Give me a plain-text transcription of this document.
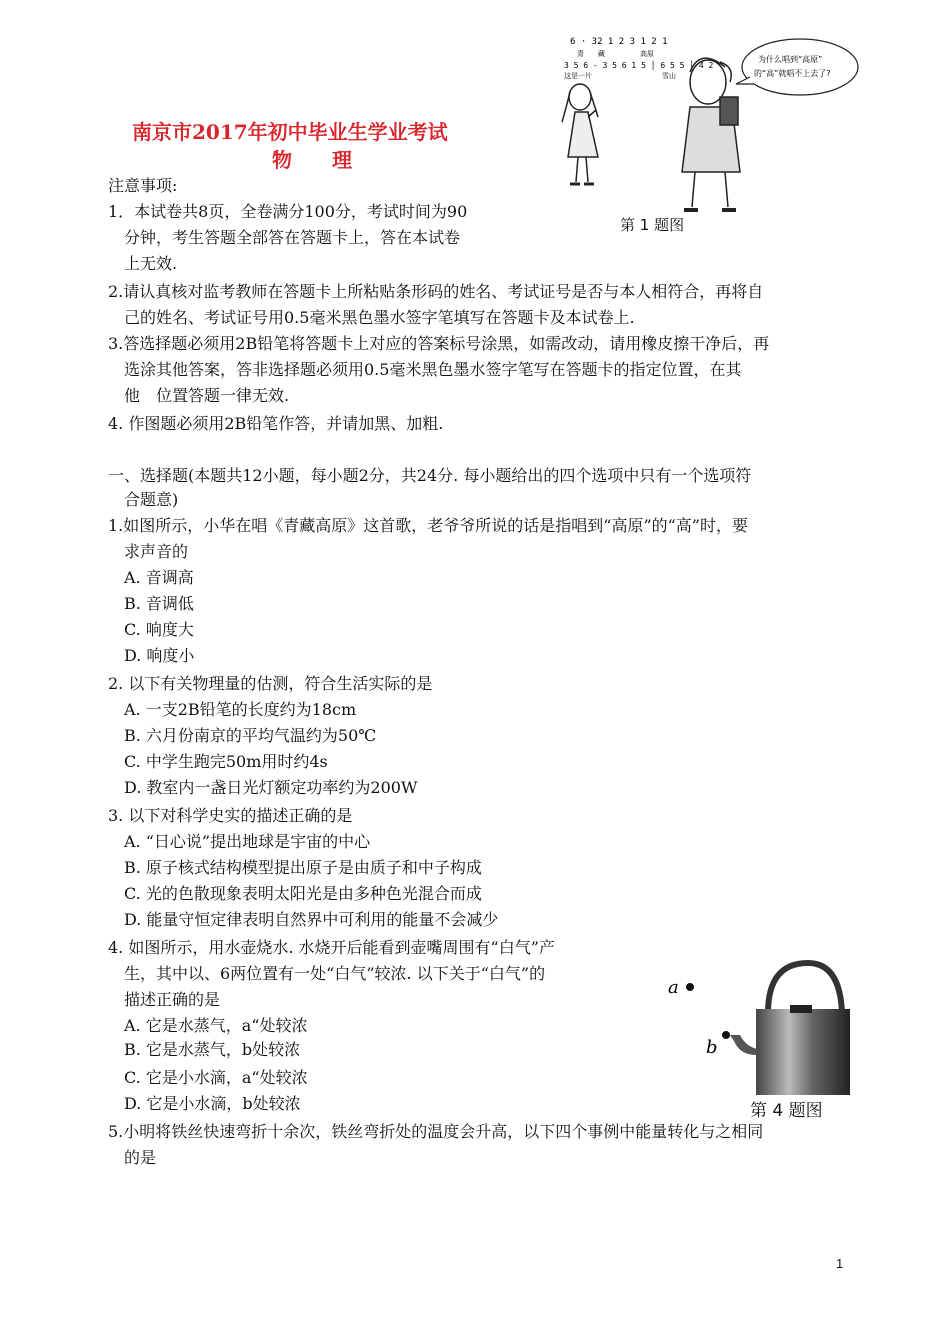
南京市2017年初中毕业生学业考试
物　　理
6 · 32 1 2 3 1 2 1
　青　　藏　　　　　高原
3 5 6 - 3 5 6 1 5 │ 6 5 5 │ 4 2
这是一片　　　　　　　　　　雪山
为什么唱到“高原”
的“高”就唱不上去了?
第 1 题图
注意事项:
1．本试卷共8页，全卷满分100分，考试时间为90
　分钟，考生答题全部答在答题卡上，答在本试卷
　上无效.
2.请认真核对监考教师在答题卡上所粘贴条形码的姓名、考试证号是否与本人相符合，再将自
　己的姓名、考试证号用0.5毫米黑色墨水签字笔填写在答题卡及本试卷上.
3.答选择题必须用2B铅笔将答题卡上对应的答案标号涂黑，如需改动，请用橡皮擦干净后，再
　选涂其他答案，答非选择题必须用0.5毫米黑色墨水签字笔写在答题卡的指定位置，在其
　他　位置答题一律无效.
4. 作图题必须用2B铅笔作答，并请加黑、加粗.
一、选择题(本题共12小题，每小题2分，共24分. 每小题给出的四个选项中只有一个选项符
　合题意)
1.如图所示，小华在唱《青藏高原》这首歌，老爷爷所说的话是指唱到“高原”的“高”时，要
　求声音的
　A. 音调高
　B. 音调低
　C. 响度大
　D. 响度小
2. 以下有关物理量的估测，符合生活实际的是
　A. 一支2B铅笔的长度约为18cm
　B. 六月份南京的平均气温约为50℃
　C. 中学生跑完50m用时约4s
　D. 教室内一盏日光灯额定功率约为200W
3. 以下对科学史实的描述正确的是
　A. “日心说”提出地球是宇宙的中心
　B. 原子核式结构模型提出原子是由质子和中子构成
　C. 光的色散现象表明太阳光是由多种色光混合而成
　D. 能量守恒定律表明自然界中可利用的能量不会减少
4. 如图所示，用水壶烧水. 水烧开后能看到壶嘴周围有“白气”产
　生，其中以、6两位置有一处“白气”较浓. 以下关于“白气”的
　描述正确的是
　A. 它是水蒸气，a“处较浓
　B. 它是水蒸气，b处较浓
　C. 它是小水滴，a“处较浓
　D. 它是小水滴，b处较浓
5.小明将铁丝快速弯折十余次，铁丝弯折处的温度会升高，以下四个事例中能量转化与之相同
　的是
a
b
第 4 题图
1
